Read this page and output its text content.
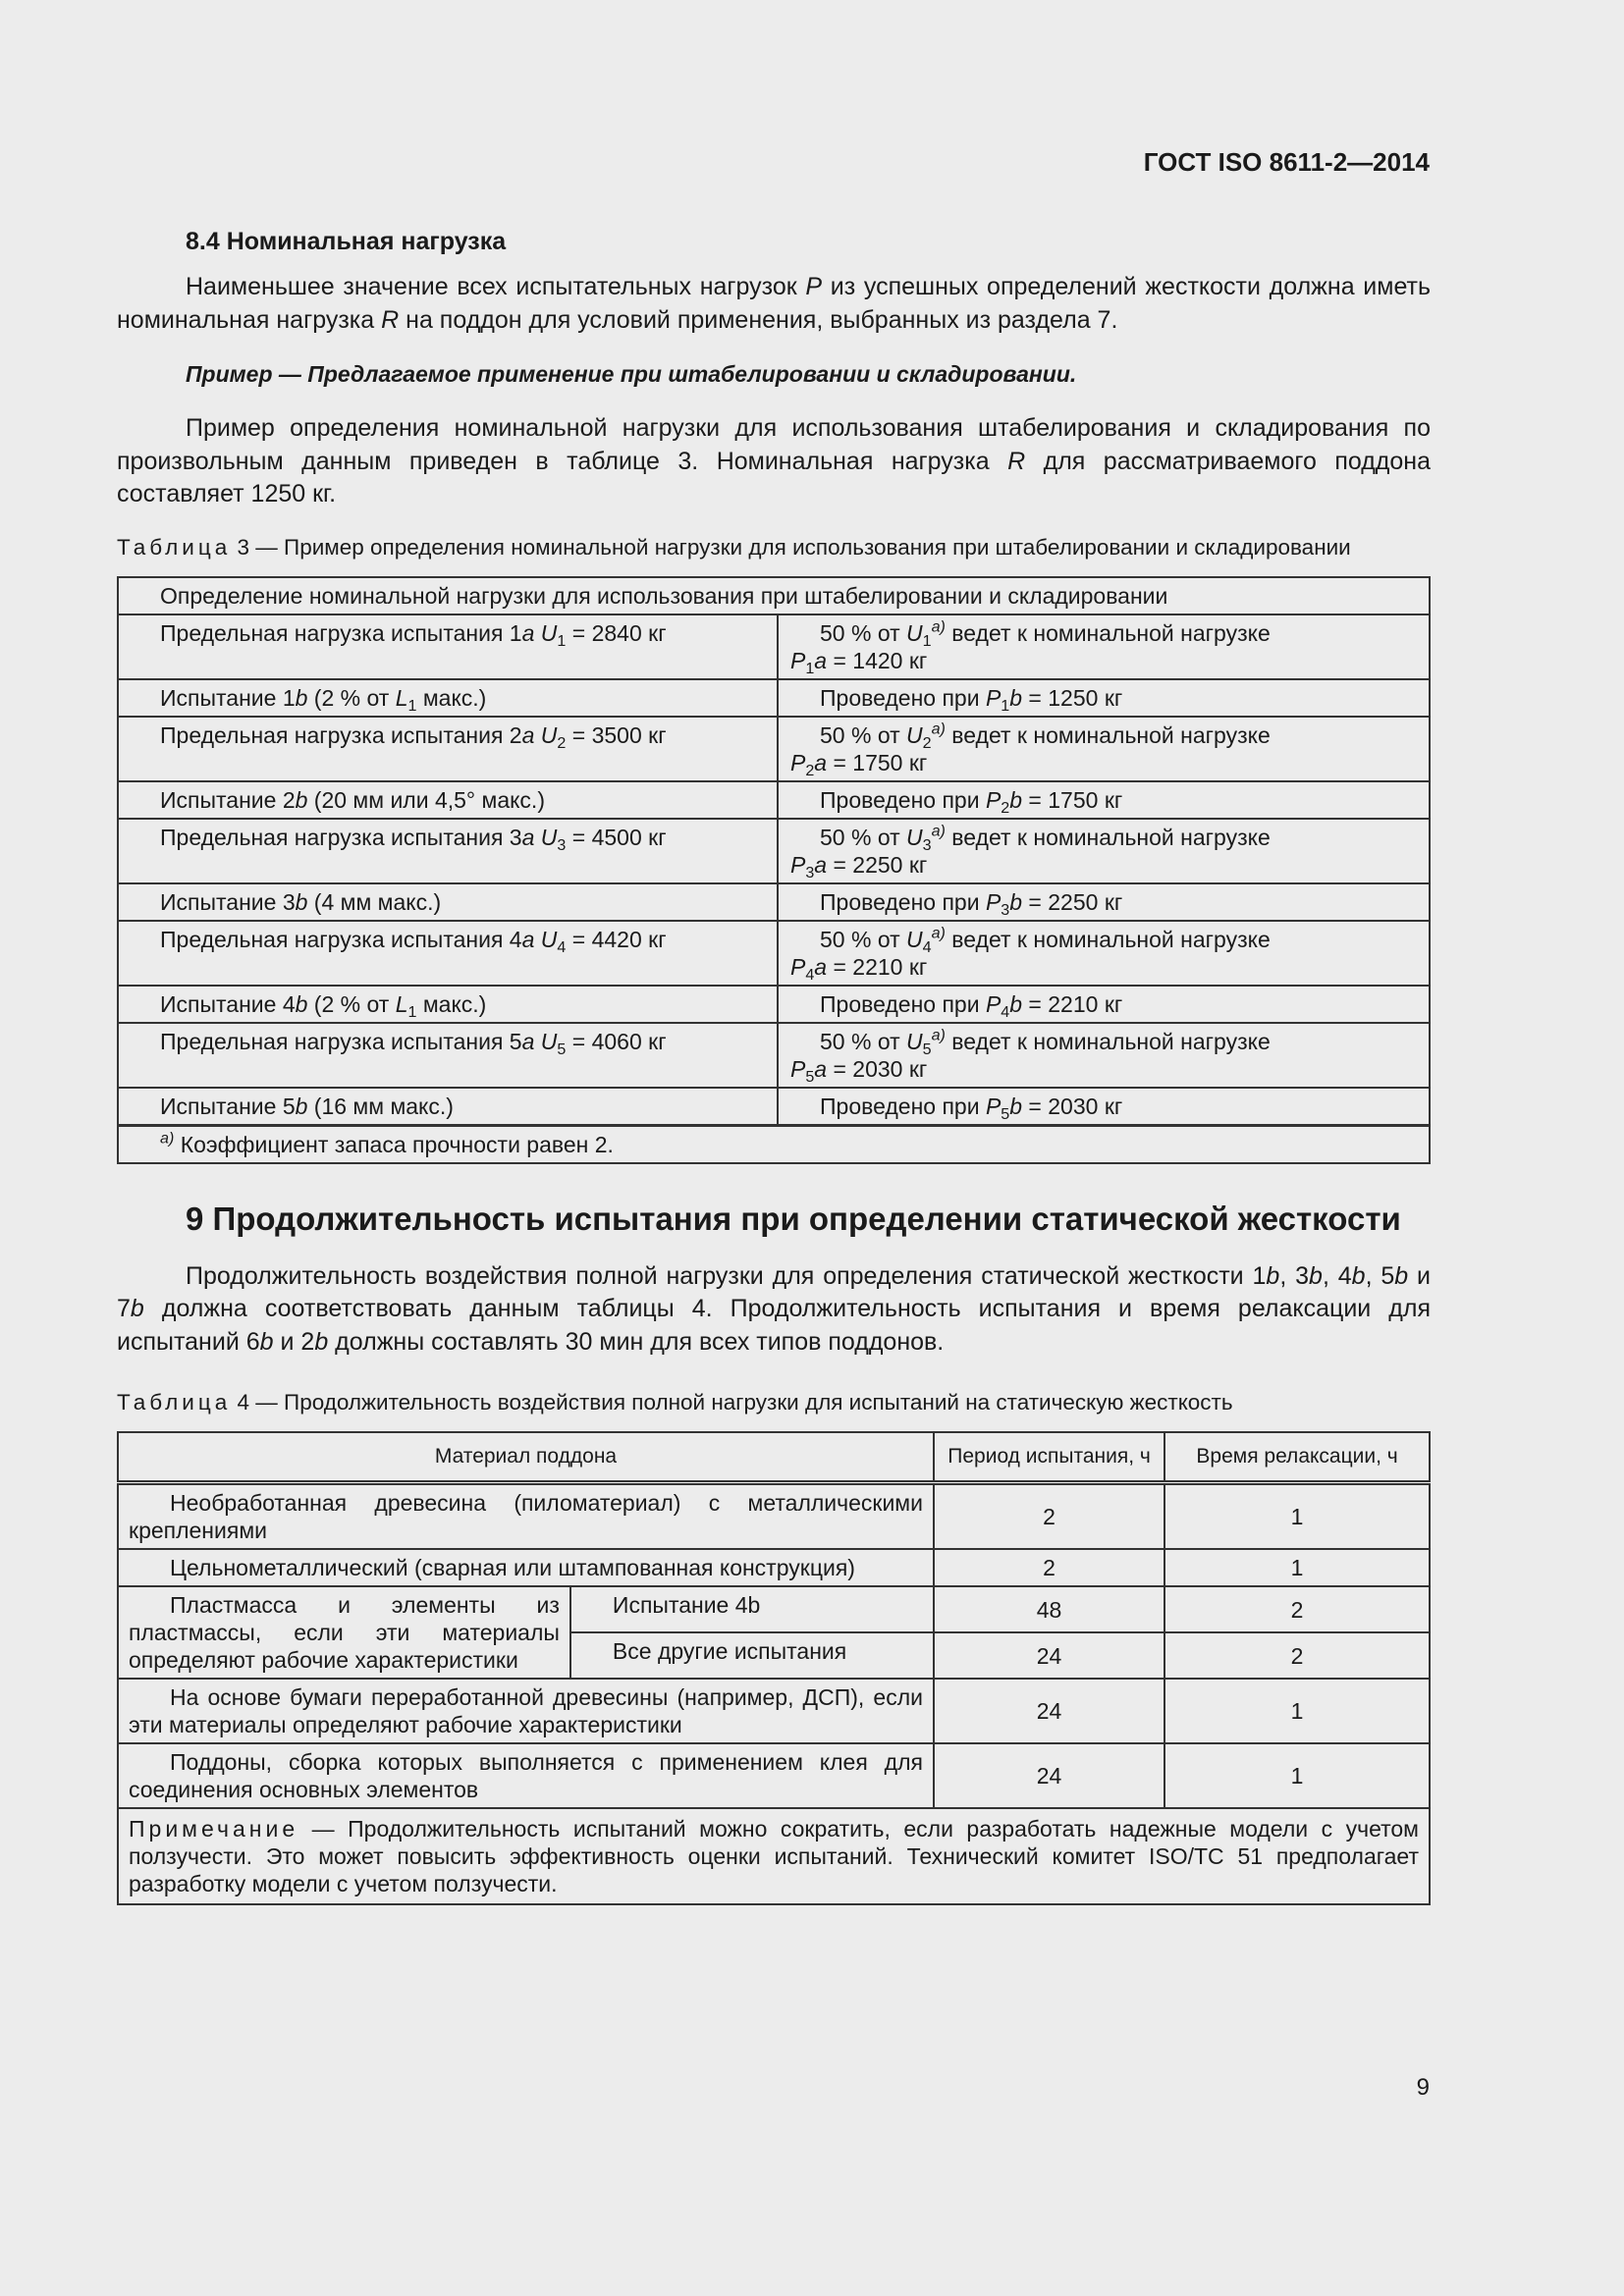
ГОСТ ISO 8611-2—2014
8.4 Номинальная нагрузка

Наименьшее значение всех испытательных нагрузок P из успешных определений жесткости должна иметь номинальная нагрузка R на поддон для условий применения, выбранных из раздела 7.

Пример — Предлагаемое применение при штабелировании и складировании.

Пример определения номинальной нагрузки для использования штабелирования и складирования по произвольным данным приведен в таблице 3. Номинальная нагрузка R для рассматриваемого поддона составляет 1250 кг.

Таблица 3 — Пример определения номинальной нагрузки для использования при штабелировании и складировании

Определение номинальной нагрузки для использования при штабелировании и складировании	
Предельная нагрузка испытания 1a $U_1 = 2840$ кг	50 % от $U_1^{a)}$ ведет к номинальной нагрузке
$P_1a = 1420$ кг

Испытание 1b (2 % от $L_1$ макс.)	Проведено при $P_1b = 1250$ кг
Предельная нагрузка испытания 2a $U_2 = 3500$ кг	50 % от $U_2^{a)}$ ведет к номинальной нагрузке
$P_2a = 1750$ кг

Испытание 2b (20 мм или 4,5° макс.)	Проведено при $P_2b = 1750$ кг
Предельная нагрузка испытания 3a $U_3 = 4500$ кг	50 % от $U_3^{a)}$ ведет к номинальной нагрузке
$P_3a = 2250$ кг

Испытание 3b (4 мм макс.)	Проведено при $P_3b = 2250$ кг
Предельная нагрузка испытания 4a $U_4 = 4420$ кг	50 % от $U_4^{a)}$ ведет к номинальной нагрузке
$P_4a = 2210$ кг

Испытание 4b (2 % от $L_1$ макс.)	Проведено при $P_4b = 2210$ кг
Предельная нагрузка испытания 5a $U_5 = 4060$ кг	50 % от $U_5^{a)}$ ведет к номинальной нагрузке
$P_5a = 2030$ кг

Испытание 5b (16 мм макс.)	Проведено при $P_5b = 2030$ кг
$^{a)}$ Коэффициент запаса прочности равен 2.	
9 Продолжительность испытания при определении статической жесткости

Продолжительность воздействия полной нагрузки для определения статической жесткости 1b, 3b, 4b, 5b и 7b должна соответствовать данным таблицы 4. Продолжительность испытания и время релаксации для испытаний 6b и 2b должны составлять 30 мин для всех типов поддонов.

Таблица 4 — Продолжительность воздействия полной нагрузки для испытаний на статическую жесткость

Материал поддона		Период испытания, ч	Время релаксации, ч
Необработанная древесина (пиломатериал) с металлическими креплениями		2	1
Цельнометаллический (сварная или штампованная конструкция)		2	1
Пластмасса и элементы из пластмассы, если эти материалы определяют рабочие характеристики	Испытание 4b	48	2
	Все другие испытания	24	2
На основе бумаги переработанной древесины (например, ДСП), если эти материалы определяют рабочие характеристики		24	1
Поддоны, сборка которых выполняется с применением клея для соединения основных элементов		24	1
Примечание — Продолжительность испытаний можно сократить, если разработать надежные модели с учетом ползучести. Это может повысить эффективность оценки испытаний. Технический комитет ISO/TC 51 предполагает разработку модели с учетом ползучести.			
9
